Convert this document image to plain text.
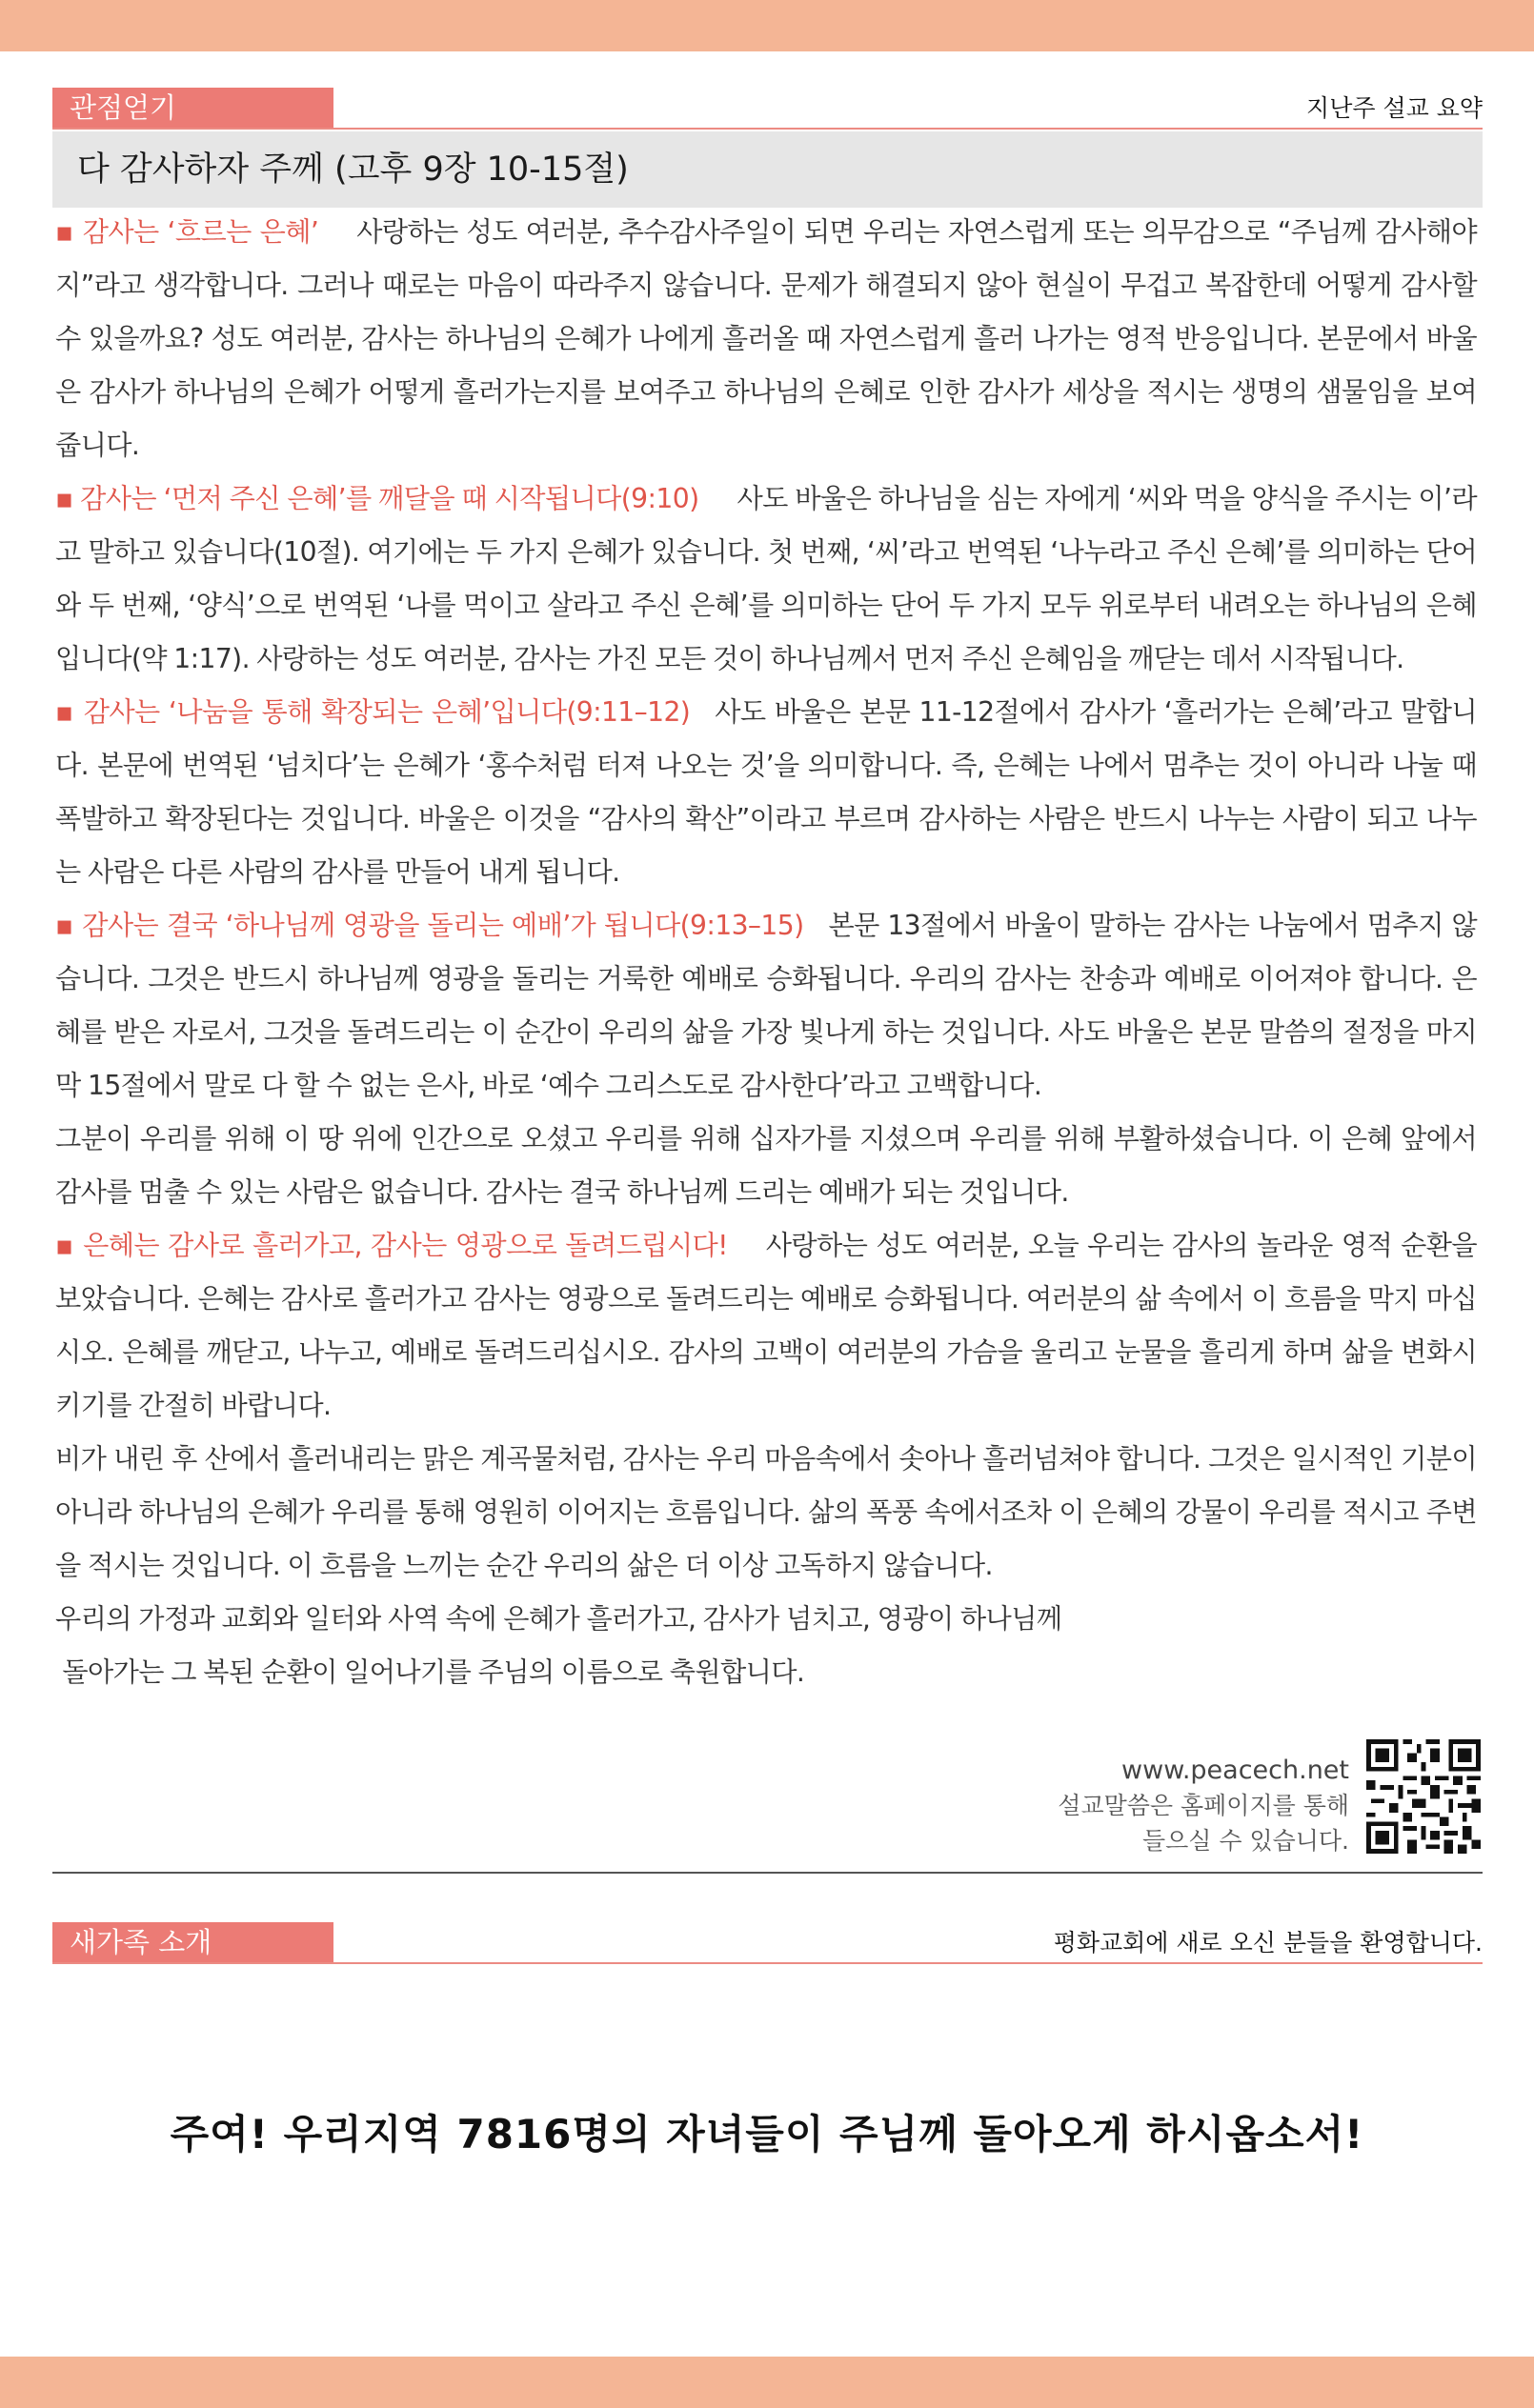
관점얻기	지난주 설교 요약
다 감사하자 주께 (고후 9장 10-15절)

▪ 감사는 ‘흐르는 은혜’ 사랑하는 성도 여러분, 추수감사주일이 되면 우리는 자연스럽게 또는 의무감으로 “주님께 감사해야지”라고 생각합니다. 그러나 때로는 마음이 따라주지 않습니다. 문제가 해결되지 않아 현실이 무겁고 복잡한데 어떻게 감사할 수 있을까요? 성도 여러분, 감사는 하나님의 은혜가 나에게 흘러올 때 자연스럽게 흘러 나가는 영적 반응입니다. 본문에서 바울은 감사가 하나님의 은혜가 어떻게 흘러가는지를 보여주고 하나님의 은혜로 인한 감사가 세상을 적시는 생명의 샘물임을 보여줍니다.

▪ 감사는 ‘먼저 주신 은혜’를 깨달을 때 시작됩니다(9:10) 사도 바울은 하나님을 심는 자에게 ‘씨와 먹을 양식을 주시는 이’라고 말하고 있습니다(10절). 여기에는 두 가지 은혜가 있습니다. 첫 번째, ‘씨’라고 번역된 ‘나누라고 주신 은혜’를 의미하는 단어와 두 번째, ‘양식’으로 번역된 ‘나를 먹이고 살라고 주신 은혜’를 의미하는 단어 두 가지 모두 위로부터 내려오는 하나님의 은혜입니다(약 1:17). 사랑하는 성도 여러분, 감사는 가진 모든 것이 하나님께서 먼저 주신 은혜임을 깨닫는 데서 시작됩니다.

▪ 감사는 ‘나눔을 통해 확장되는 은혜’입니다(9:11–12) 사도 바울은 본문 11-12절에서 감사가 ‘흘러가는 은혜’라고 말합니다. 본문에 번역된 ‘넘치다’는 은혜가 ‘홍수처럼 터져 나오는 것’을 의미합니다. 즉, 은혜는 나에서 멈추는 것이 아니라 나눌 때 폭발하고 확장된다는 것입니다. 바울은 이것을 “감사의 확산”이라고 부르며 감사하는 사람은 반드시 나누는 사람이 되고 나누는 사람은 다른 사람의 감사를 만들어 내게 됩니다.

▪ 감사는 결국 ‘하나님께 영광을 돌리는 예배’가 됩니다(9:13–15) 본문 13절에서 바울이 말하는 감사는 나눔에서 멈추지 않습니다. 그것은 반드시 하나님께 영광을 돌리는 거룩한 예배로 승화됩니다. 우리의 감사는 찬송과 예배로 이어져야 합니다. 은혜를 받은 자로서, 그것을 돌려드리는 이 순간이 우리의 삶을 가장 빛나게 하는 것입니다. 사도 바울은 본문 말씀의 절정을 마지막 15절에서 말로 다 할 수 없는 은사, 바로 ‘예수 그리스도로 감사한다’라고 고백합니다.

그분이 우리를 위해 이 땅 위에 인간으로 오셨고 우리를 위해 십자가를 지셨으며 우리를 위해 부활하셨습니다. 이 은혜 앞에서 감사를 멈출 수 있는 사람은 없습니다. 감사는 결국 하나님께 드리는 예배가 되는 것입니다.

▪ 은혜는 감사로 흘러가고, 감사는 영광으로 돌려드립시다! 사랑하는 성도 여러분, 오늘 우리는 감사의 놀라운 영적 순환을 보았습니다. 은혜는 감사로 흘러가고 감사는 영광으로 돌려드리는 예배로 승화됩니다. 여러분의 삶 속에서 이 흐름을 막지 마십시오. 은혜를 깨닫고, 나누고, 예배로 돌려드리십시오. 감사의 고백이 여러분의 가슴을 울리고 눈물을 흘리게 하며 삶을 변화시키기를 간절히 바랍니다.

비가 내린 후 산에서 흘러내리는 맑은 계곡물처럼, 감사는 우리 마음속에서 솟아나 흘러넘쳐야 합니다. 그것은 일시적인 기분이 아니라 하나님의 은혜가 우리를 통해 영원히 이어지는 흐름입니다. 삶의 폭풍 속에서조차 이 은혜의 강물이 우리를 적시고 주변을 적시는 것입니다. 이 흐름을 느끼는 순간 우리의 삶은 더 이상 고독하지 않습니다.

우리의 가정과 교회와 일터와 사역 속에 은혜가 흘러가고, 감사가 넘치고, 영광이 하나님께

돌아가는 그 복된 순환이 일어나기를 주님의 이름으로 축원합니다.

www.peacech.net
설교말씀은 홈페이지를 통해
들으실 수 있습니다.
새가족 소개	평화교회에 새로 오신 분들을 환영합니다.
주여! 우리지역 7816명의 자녀들이 주님께 돌아오게 하시옵소서!
